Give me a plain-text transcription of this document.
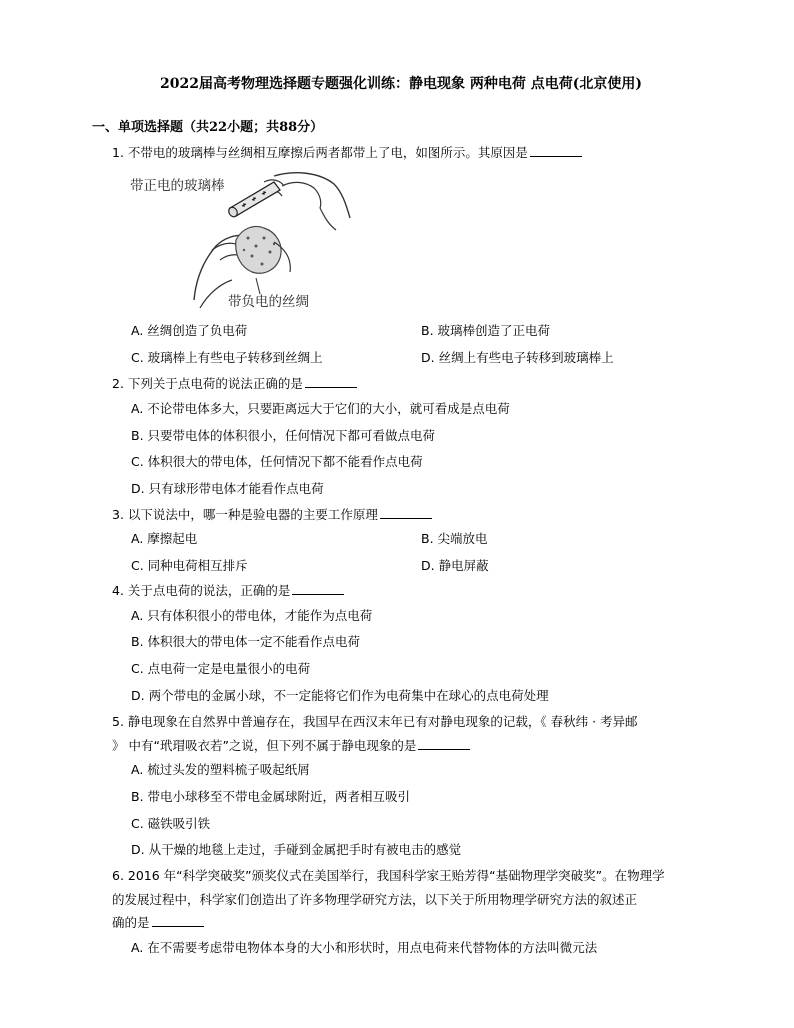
2022届高考物理选择题专题强化训练：静电现象 两种电荷 点电荷(北京使用)
一、单项选择题（共22小题；共88分）
1. 不带电的玻璃棒与丝绸相互摩擦后两者都带上了电，如图所示。其原因是
带正电的玻璃棒
带负电的丝绸
A. 丝绸创造了负电荷	B. 玻璃棒创造了正电荷
C. 玻璃棒上有些电子转移到丝绸上	D. 丝绸上有些电子转移到玻璃棒上
2. 下列关于点电荷的说法正确的是
A. 不论带电体多大，只要距离远大于它们的大小，就可看成是点电荷
B. 只要带电体的体积很小，任何情况下都可看做点电荷
C. 体积很大的带电体，任何情况下都不能看作点电荷
D. 只有球形带电体才能看作点电荷
3. 以下说法中，哪一种是验电器的主要工作原理
A. 摩擦起电	B. 尖端放电
C. 同种电荷相互排斥	D. 静电屏蔽
4. 关于点电荷的说法，正确的是
A. 只有体积很小的带电体，才能作为点电荷
B. 体积很大的带电体一定不能看作点电荷
C. 点电荷一定是电量很小的电荷
D. 两个带电的金属小球，不一定能将它们作为电荷集中在球心的点电荷处理
5. 静电现象在自然界中普遍存在，我国早在西汉末年已有对静电现象的记载，《 春秋纬 · 考异邮
》 中有“玳瑁吸衣若”之说，但下列不属于静电现象的是
A. 梳过头发的塑料梳子吸起纸屑
B. 带电小球移至不带电金属球附近，两者相互吸引
C. 磁铁吸引铁
D. 从干燥的地毯上走过，手碰到金属把手时有被电击的感觉
6. 2016 年“科学突破奖”颁奖仪式在美国举行，我国科学家王贻芳得“基础物理学突破奖”。在物理学
的发展过程中，科学家们创造出了许多物理学研究方法，以下关于所用物理学研究方法的叙述正
确的是
A. 在不需要考虑带电物体本身的大小和形状时，用点电荷来代替物体的方法叫微元法
